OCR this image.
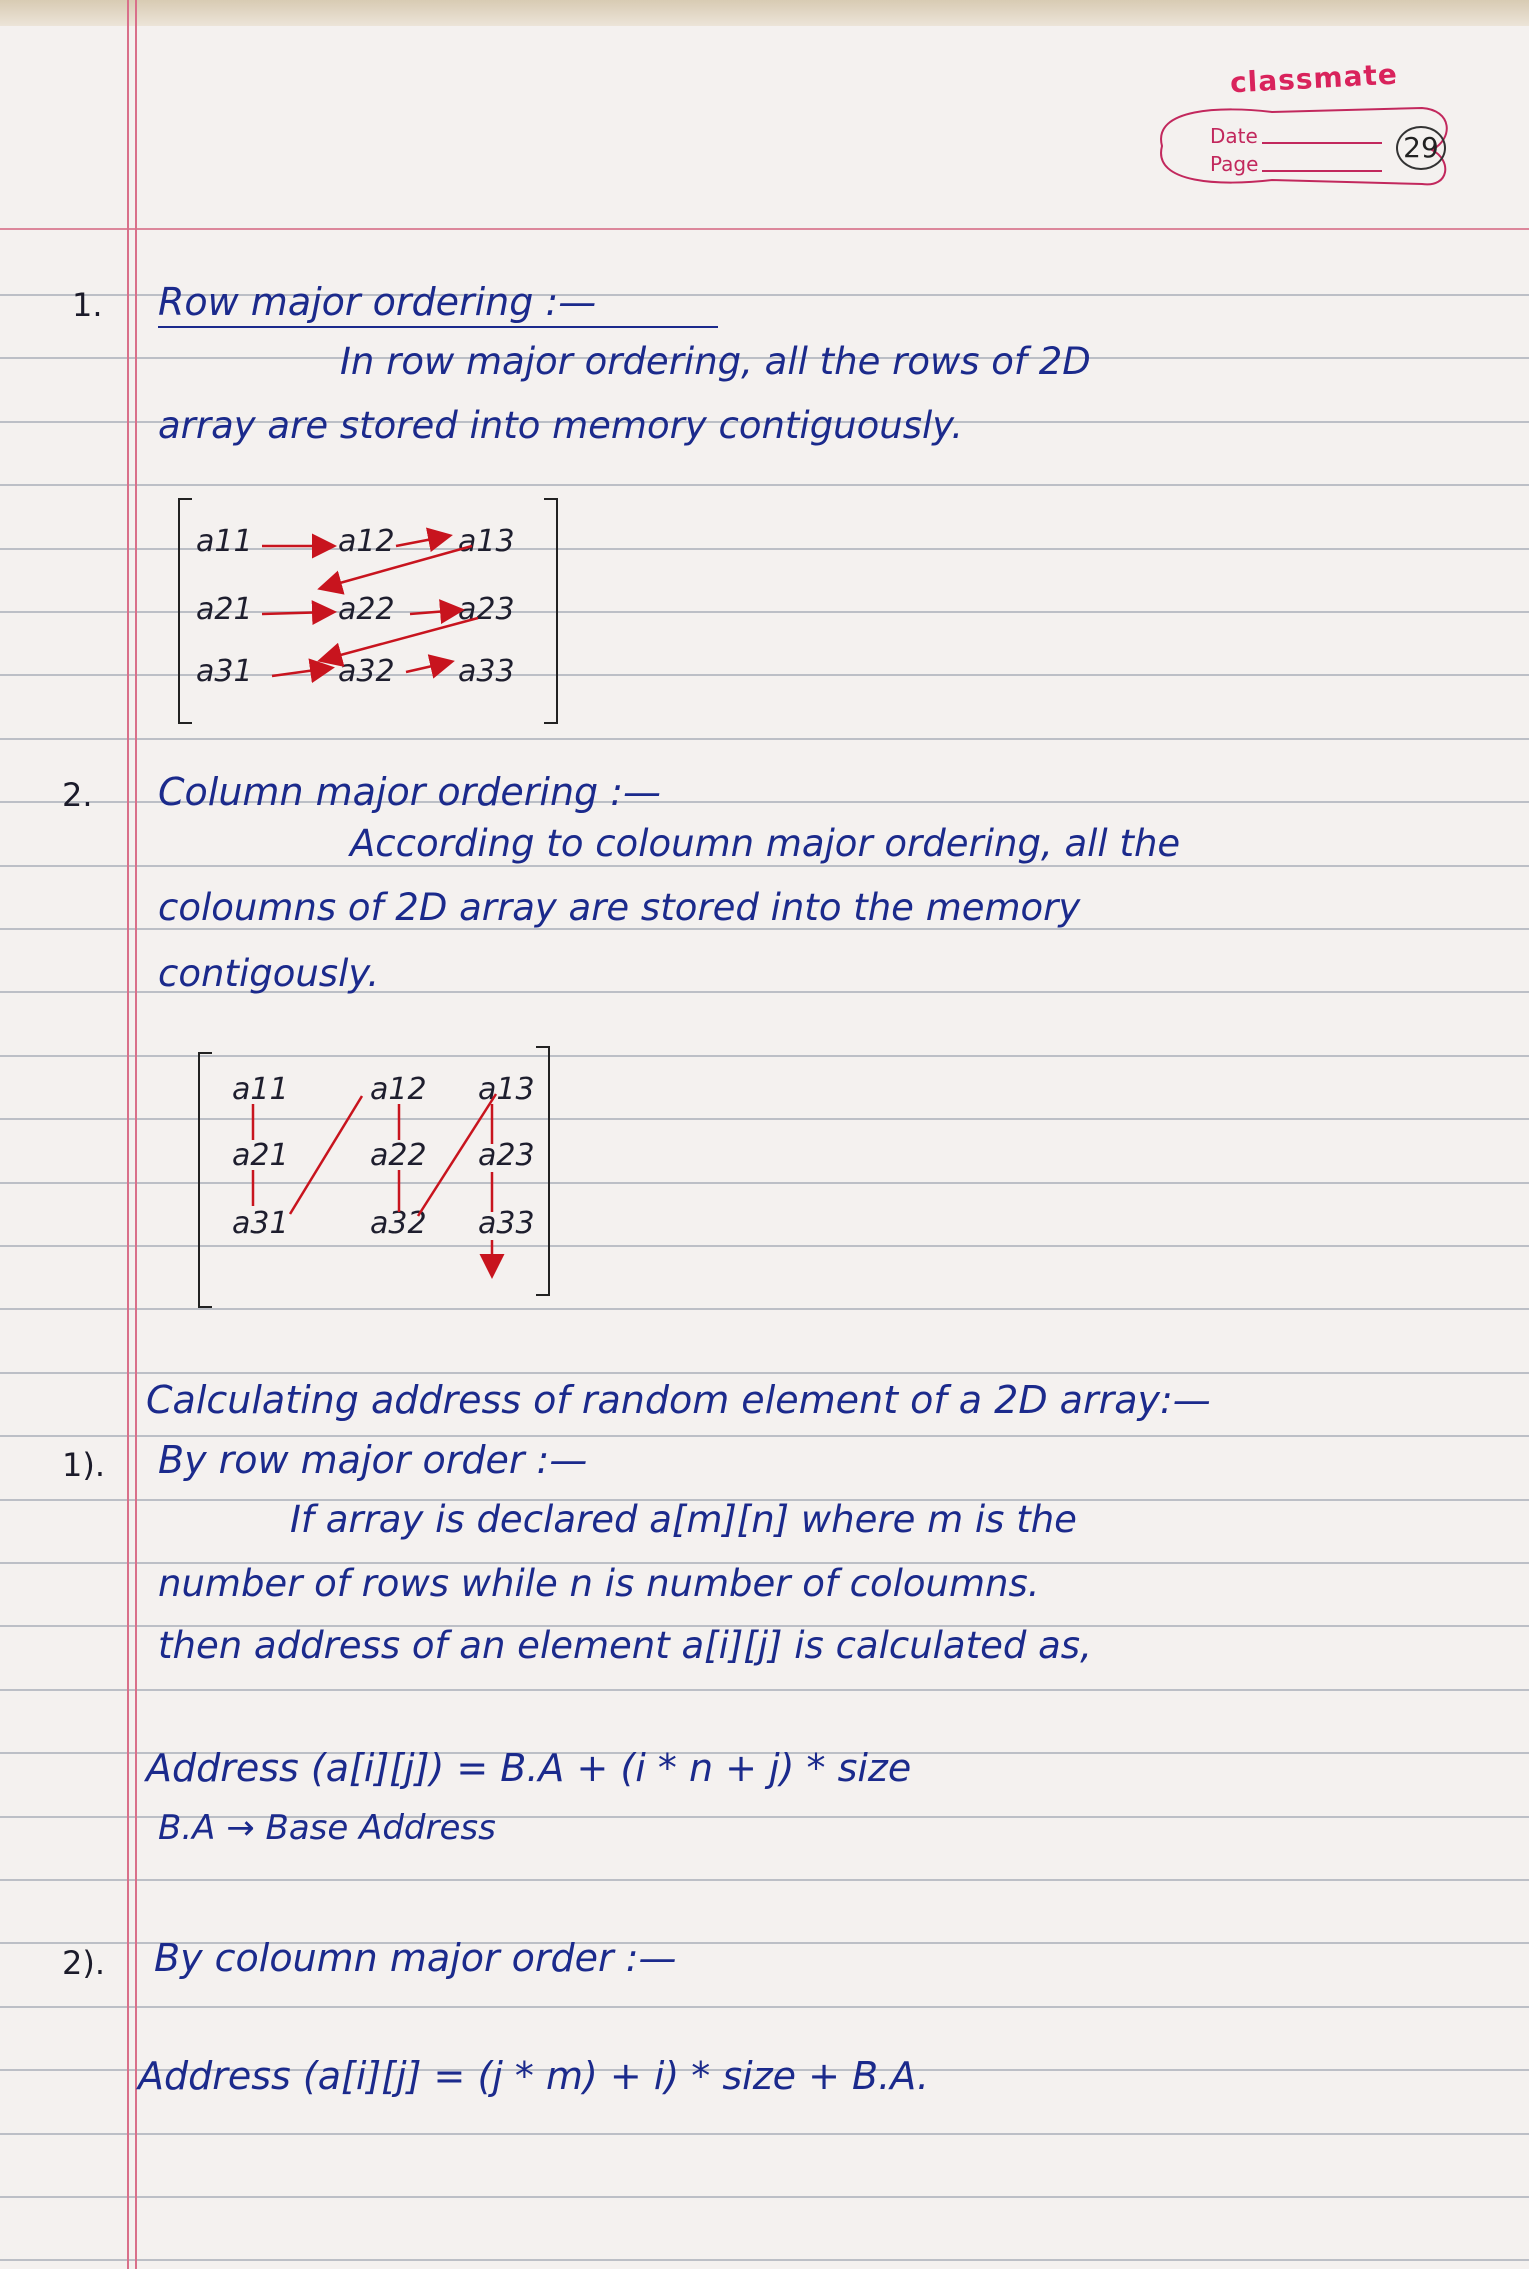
classmate
Date
Page	29
1. Row major ordering :—
In row major ordering, all the rows of 2D
array are stored into memory contiguously.
a11	a12 a13
a21	a22 a23
a31	a32 a33
2. Column major ordering :—
According to coloumn major ordering, all the
coloumns of 2D array are stored into the memory
contigously.
a11	a12 a13
a21	a22 a23
a31	a32 a33
Calculating address of random element of a 2D array:—
1). By row major order :—
If array is declared a[m][n] where m is the
number of rows while n is number of coloumns.
then address of an element a[i][j] is calculated as,
Address (a[i][j]) = B.A + (i * n + j) * size
B.A → Base Address
2). By coloumn major order :—
Address (a[i][j] = (j * m) + i) * size + B.A.
